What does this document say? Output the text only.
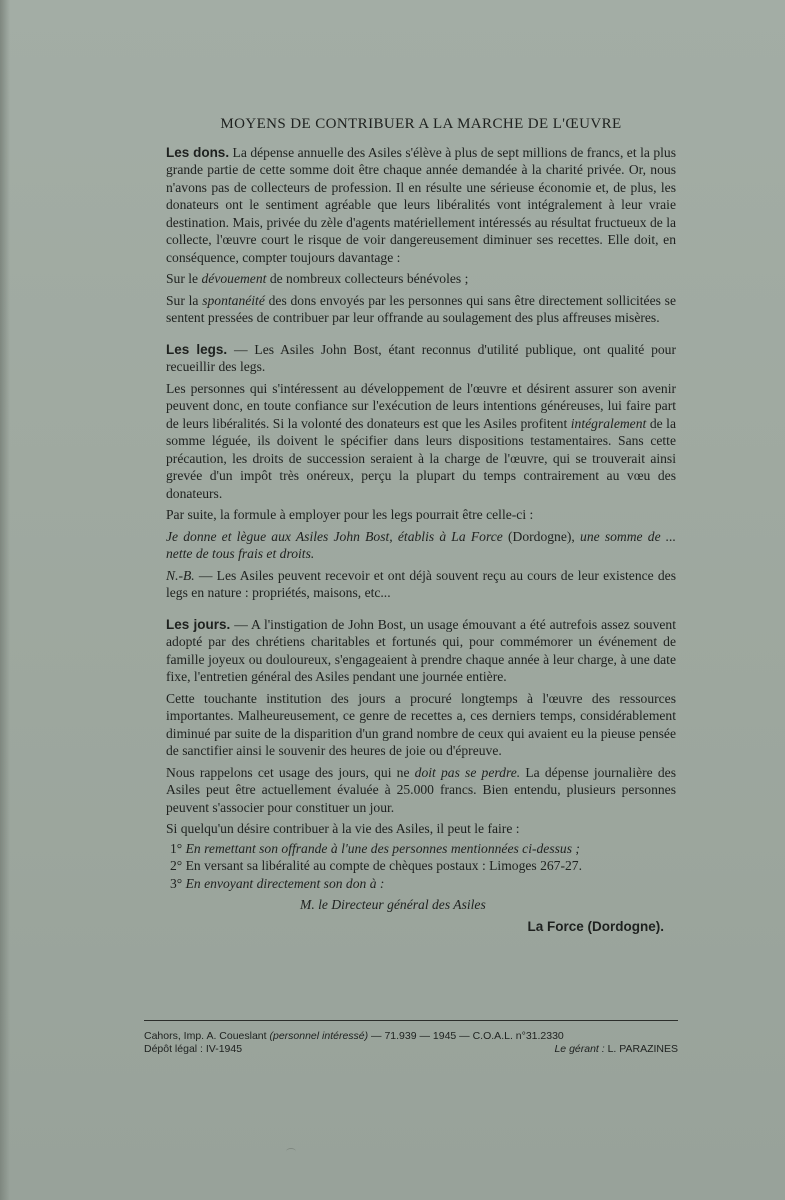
MOYENS DE CONTRIBUER A LA MARCHE DE L'ŒUVRE

Les dons. La dépense annuelle des Asiles s'élève à plus de sept millions de francs, et la plus grande partie de cette somme doit être chaque année demandée à la charité privée. Or, nous n'avons pas de collecteurs de profession. Il en résulte une sérieuse économie et, de plus, les donateurs ont le sentiment agréable que leurs libéralités vont intégralement à leur vraie destination. Mais, privée du zèle d'agents matériellement intéressés au résultat fructueux de la collecte, l'œuvre court le risque de voir dangereusement diminuer ses recettes. Elle doit, en conséquence, compter toujours davantage :

Sur le dévouement de nombreux collecteurs bénévoles ;

Sur la spontanéité des dons envoyés par les personnes qui sans être directement sollicitées se sentent pressées de contribuer par leur offrande au soulagement des plus affreuses misères.

Les legs. — Les Asiles John Bost, étant reconnus d'utilité publique, ont qualité pour recueillir des legs.

Les personnes qui s'intéressent au développement de l'œuvre et désirent assurer son avenir peuvent donc, en toute confiance sur l'exécution de leurs intentions généreuses, lui faire part de leurs libéralités. Si la volonté des donateurs est que les Asiles profitent intégralement de la somme léguée, ils doivent le spécifier dans leurs dispositions testamentaires. Sans cette précaution, les droits de succession seraient à la charge de l'œuvre, qui se trouverait ainsi grevée d'un impôt très onéreux, perçu la plupart du temps contrairement au vœu des donateurs.

Par suite, la formule à employer pour les legs pourrait être celle-ci :

Je donne et lègue aux Asiles John Bost, établis à La Force (Dordogne), une somme de ... nette de tous frais et droits.

N.-B. — Les Asiles peuvent recevoir et ont déjà souvent reçu au cours de leur existence des legs en nature : propriétés, maisons, etc...

Les jours. — A l'instigation de John Bost, un usage émouvant a été autrefois assez souvent adopté par des chrétiens charitables et fortunés qui, pour commémorer un événement de famille joyeux ou douloureux, s'engageaient à prendre chaque année à leur charge, à une date fixe, l'entretien général des Asiles pendant une journée entière.

Cette touchante institution des jours a procuré longtemps à l'œuvre des ressources importantes. Malheureusement, ce genre de recettes a, ces derniers temps, considérablement diminué par suite de la disparition d'un grand nombre de ceux qui avaient eu la pieuse pensée de sanctifier ainsi le souvenir des heures de joie ou d'épreuve.

Nous rappelons cet usage des jours, qui ne doit pas se perdre. La dépense journalière des Asiles peut être actuellement évaluée à 25.000 francs. Bien entendu, plusieurs personnes peuvent s'associer pour constituer un jour.

Si quelqu'un désire contribuer à la vie des Asiles, il peut le faire :

1° En remettant son offrande à l'une des personnes mentionnées ci-dessus ;
2° En versant sa libéralité au compte de chèques postaux : Limoges 267-27.
3° En envoyant directement son don à :
M. le Directeur général des Asiles
La Force (Dordogne).
Cahors, Imp. A. Coueslant (personnel intéressé) — 71.939 — 1945 — C.O.A.L. n°31.2330
Dépôt légal : IV-1945	Le gérant : L. PARAZINES
